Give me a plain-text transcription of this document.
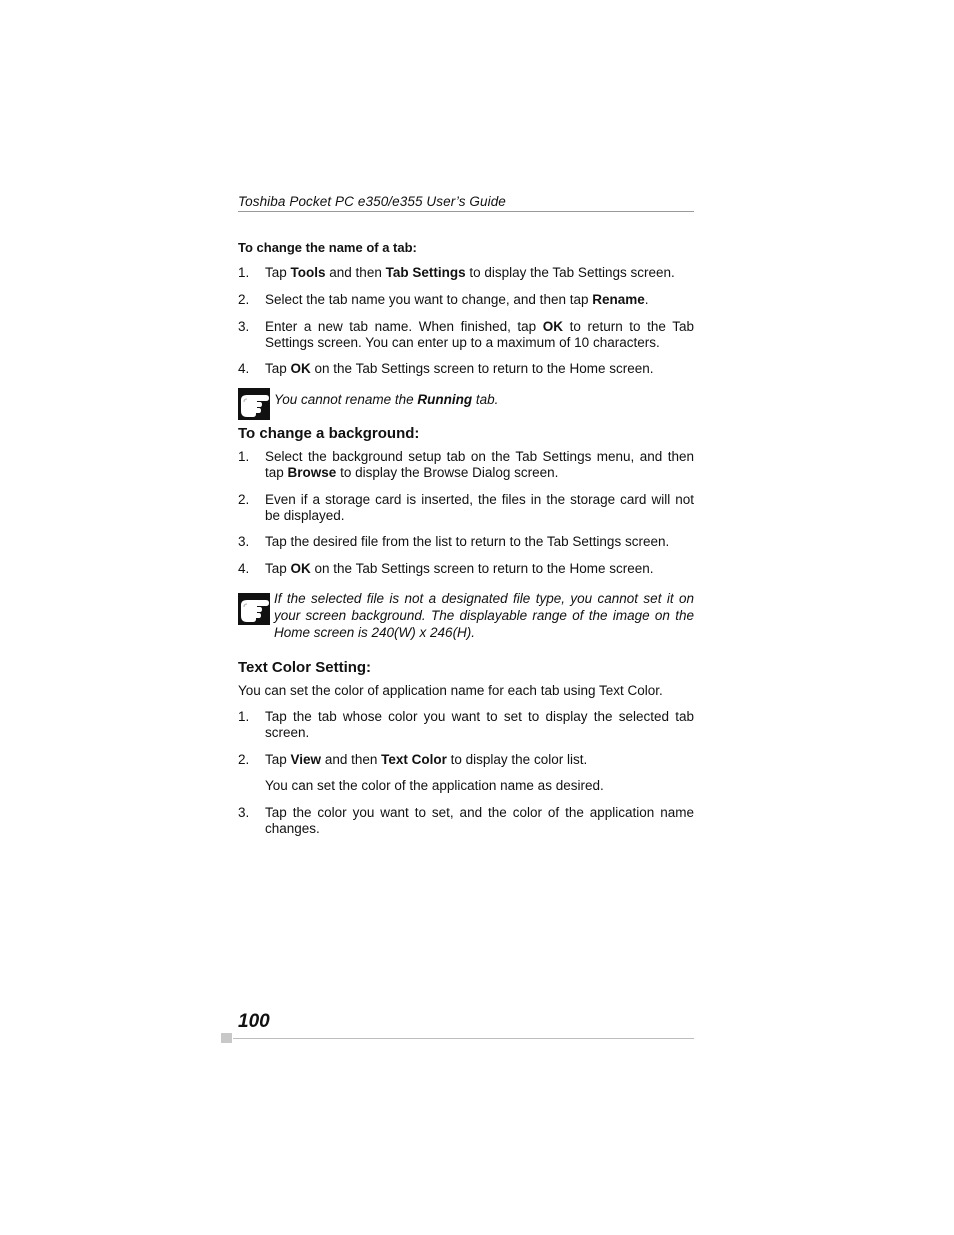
Toshiba Pocket PC e350/e355 User’s Guide
To change the name of a tab:
1. Tap Tools and then Tab Settings to display the Tab Settings screen.
2. Select the tab name you want to change, and then tap Rename.
3. Enter a new tab name. When finished, tap OK to return to the Tab Settings screen. You can enter up to a maximum of 10 characters.
4. Tap OK on the Tab Settings screen to return to the Home screen.
You cannot rename the Running tab.
To change a background:
1. Select the background setup tab on the Tab Settings menu, and then tap Browse to display the Browse Dialog screen.
2. Even if a storage card is inserted, the files in the storage card will not be displayed.
3. Tap the desired file from the list to return to the Tab Settings screen.
4. Tap OK on the Tab Settings screen to return to the Home screen.
If the selected file is not a designated file type, you cannot set it on your screen background. The displayable range of the image on the Home screen is 240(W) x 246(H).
Text Color Setting:
You can set the color of application name for each tab using Text Color.
1. Tap the tab whose color you want to set to display the selected tab screen.
2. Tap View and then Text Color to display the color list.
You can set the color of the application name as desired.
3. Tap the color you want to set, and the color of the application name changes.
100
